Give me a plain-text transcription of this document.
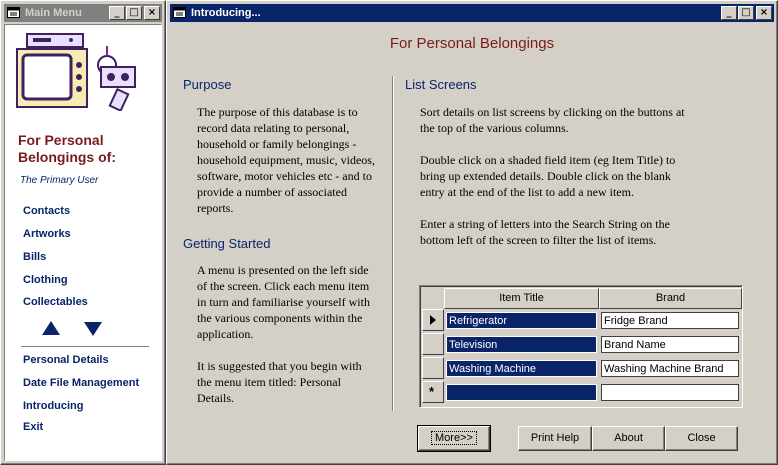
Main Menu	_ □ ×
For Personal
Belongings of:
The Primary User
Contacts
Artworks
Bills
Clothing
Collectables
Personal Details
Date File Management
Introducing
Exit
Introducing...	_ □ ×
For Personal Belongings
Purpose
The purpose of this database is to
record data relating to personal,
household or family belongings -
household equipment, music, videos,
software, motor vehicles etc - and to
provide a number of associated
reports.
Getting Started
A menu is presented on the left side
of the screen. Click each menu item
in turn and familiarise yourself with
the various components within the
application.

It is suggested that you begin with
the menu item titled: Personal
Details.
List Screens
Sort details on list screens by clicking on the buttons at
the top of the various columns.

Double click on a shaded field item (eg Item Title) to
bring up extended details. Double click on the blank
entry at the end of the list to add a new item.

Enter a string of letters into the Search String on the
bottom left of the screen to filter the list of items.
Item Title	Brand
Refrigerator	Fridge Brand
Television	Brand Name
Washing Machine	Washing Machine Brand
*
More>>	Print Help	About	Close
